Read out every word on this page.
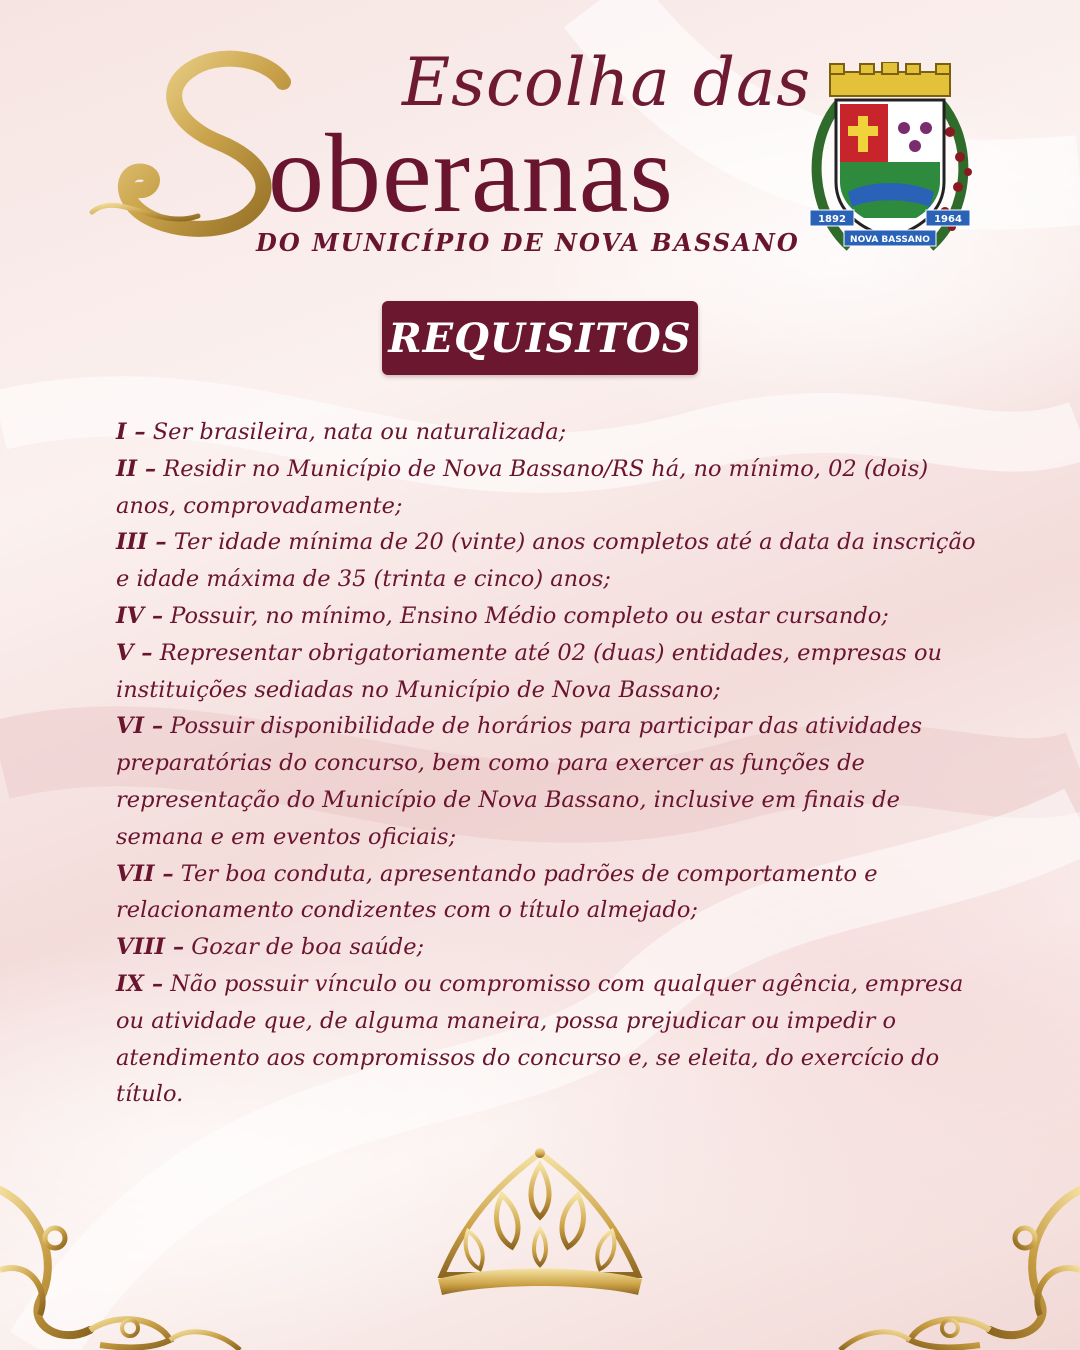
Escolha das
oberanas
DO MUNICÍPIO DE NOVA BASSANO
1892	1964
NOVA BASSANO
REQUISITOS
I – Ser brasileira, nata ou naturalizada;
II – Residir no Município de Nova Bassano/RS há, no mínimo, 02 (dois) anos, comprovadamente;
III – Ter idade mínima de 20 (vinte) anos completos até a data da inscrição e idade máxima de 35 (trinta e cinco) anos;
IV – Possuir, no mínimo, Ensino Médio completo ou estar cursando;
V – Representar obrigatoriamente até 02 (duas) entidades, empresas ou instituições sediadas no Município de Nova Bassano;
VI – Possuir disponibilidade de horários para participar das atividades preparatórias do concurso, bem como para exercer as funções de representação do Município de Nova Bassano, inclusive em finais de semana e em eventos oficiais;
VII – Ter boa conduta, apresentando padrões de comportamento e relacionamento condizentes com o título almejado;
VIII – Gozar de boa saúde;
IX – Não possuir vínculo ou compromisso com qualquer agência, empresa ou atividade que, de alguma maneira, possa prejudicar ou impedir o atendimento aos compromissos do concurso e, se eleita, do exercício do título.
